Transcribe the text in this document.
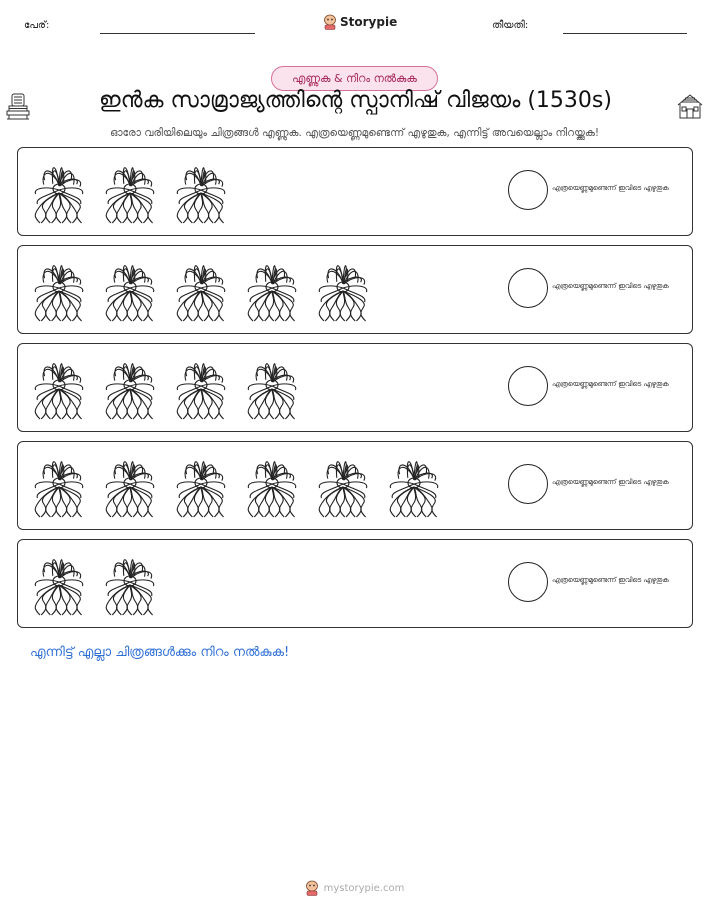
പേര്:	Storypie	തീയതി:
എണ്ണുക & നിറം നൽകുക
ഇൻക സാമ്രാജ്യത്തിന്റെ സ്പാനിഷ് വിജയം (1530s)
ഓരോ വരിയിലെയും ചിത്രങ്ങൾ എണ്ണുക. എത്രയെണ്ണമുണ്ടെന്ന് എഴുതുക, എന്നിട്ട് അവയെല്ലാം നിറയ്ക്കുക!
എത്രയെണ്ണമുണ്ടെന്ന് ഇവിടെ എഴുതുക
എത്രയെണ്ണമുണ്ടെന്ന് ഇവിടെ എഴുതുക
എത്രയെണ്ണമുണ്ടെന്ന് ഇവിടെ എഴുതുക
എത്രയെണ്ണമുണ്ടെന്ന് ഇവിടെ എഴുതുക
എത്രയെണ്ണമുണ്ടെന്ന് ഇവിടെ എഴുതുക
എന്നിട്ട് എല്ലാ ചിത്രങ്ങൾക്കും നിറം നൽകുക!
mystorypie.com
